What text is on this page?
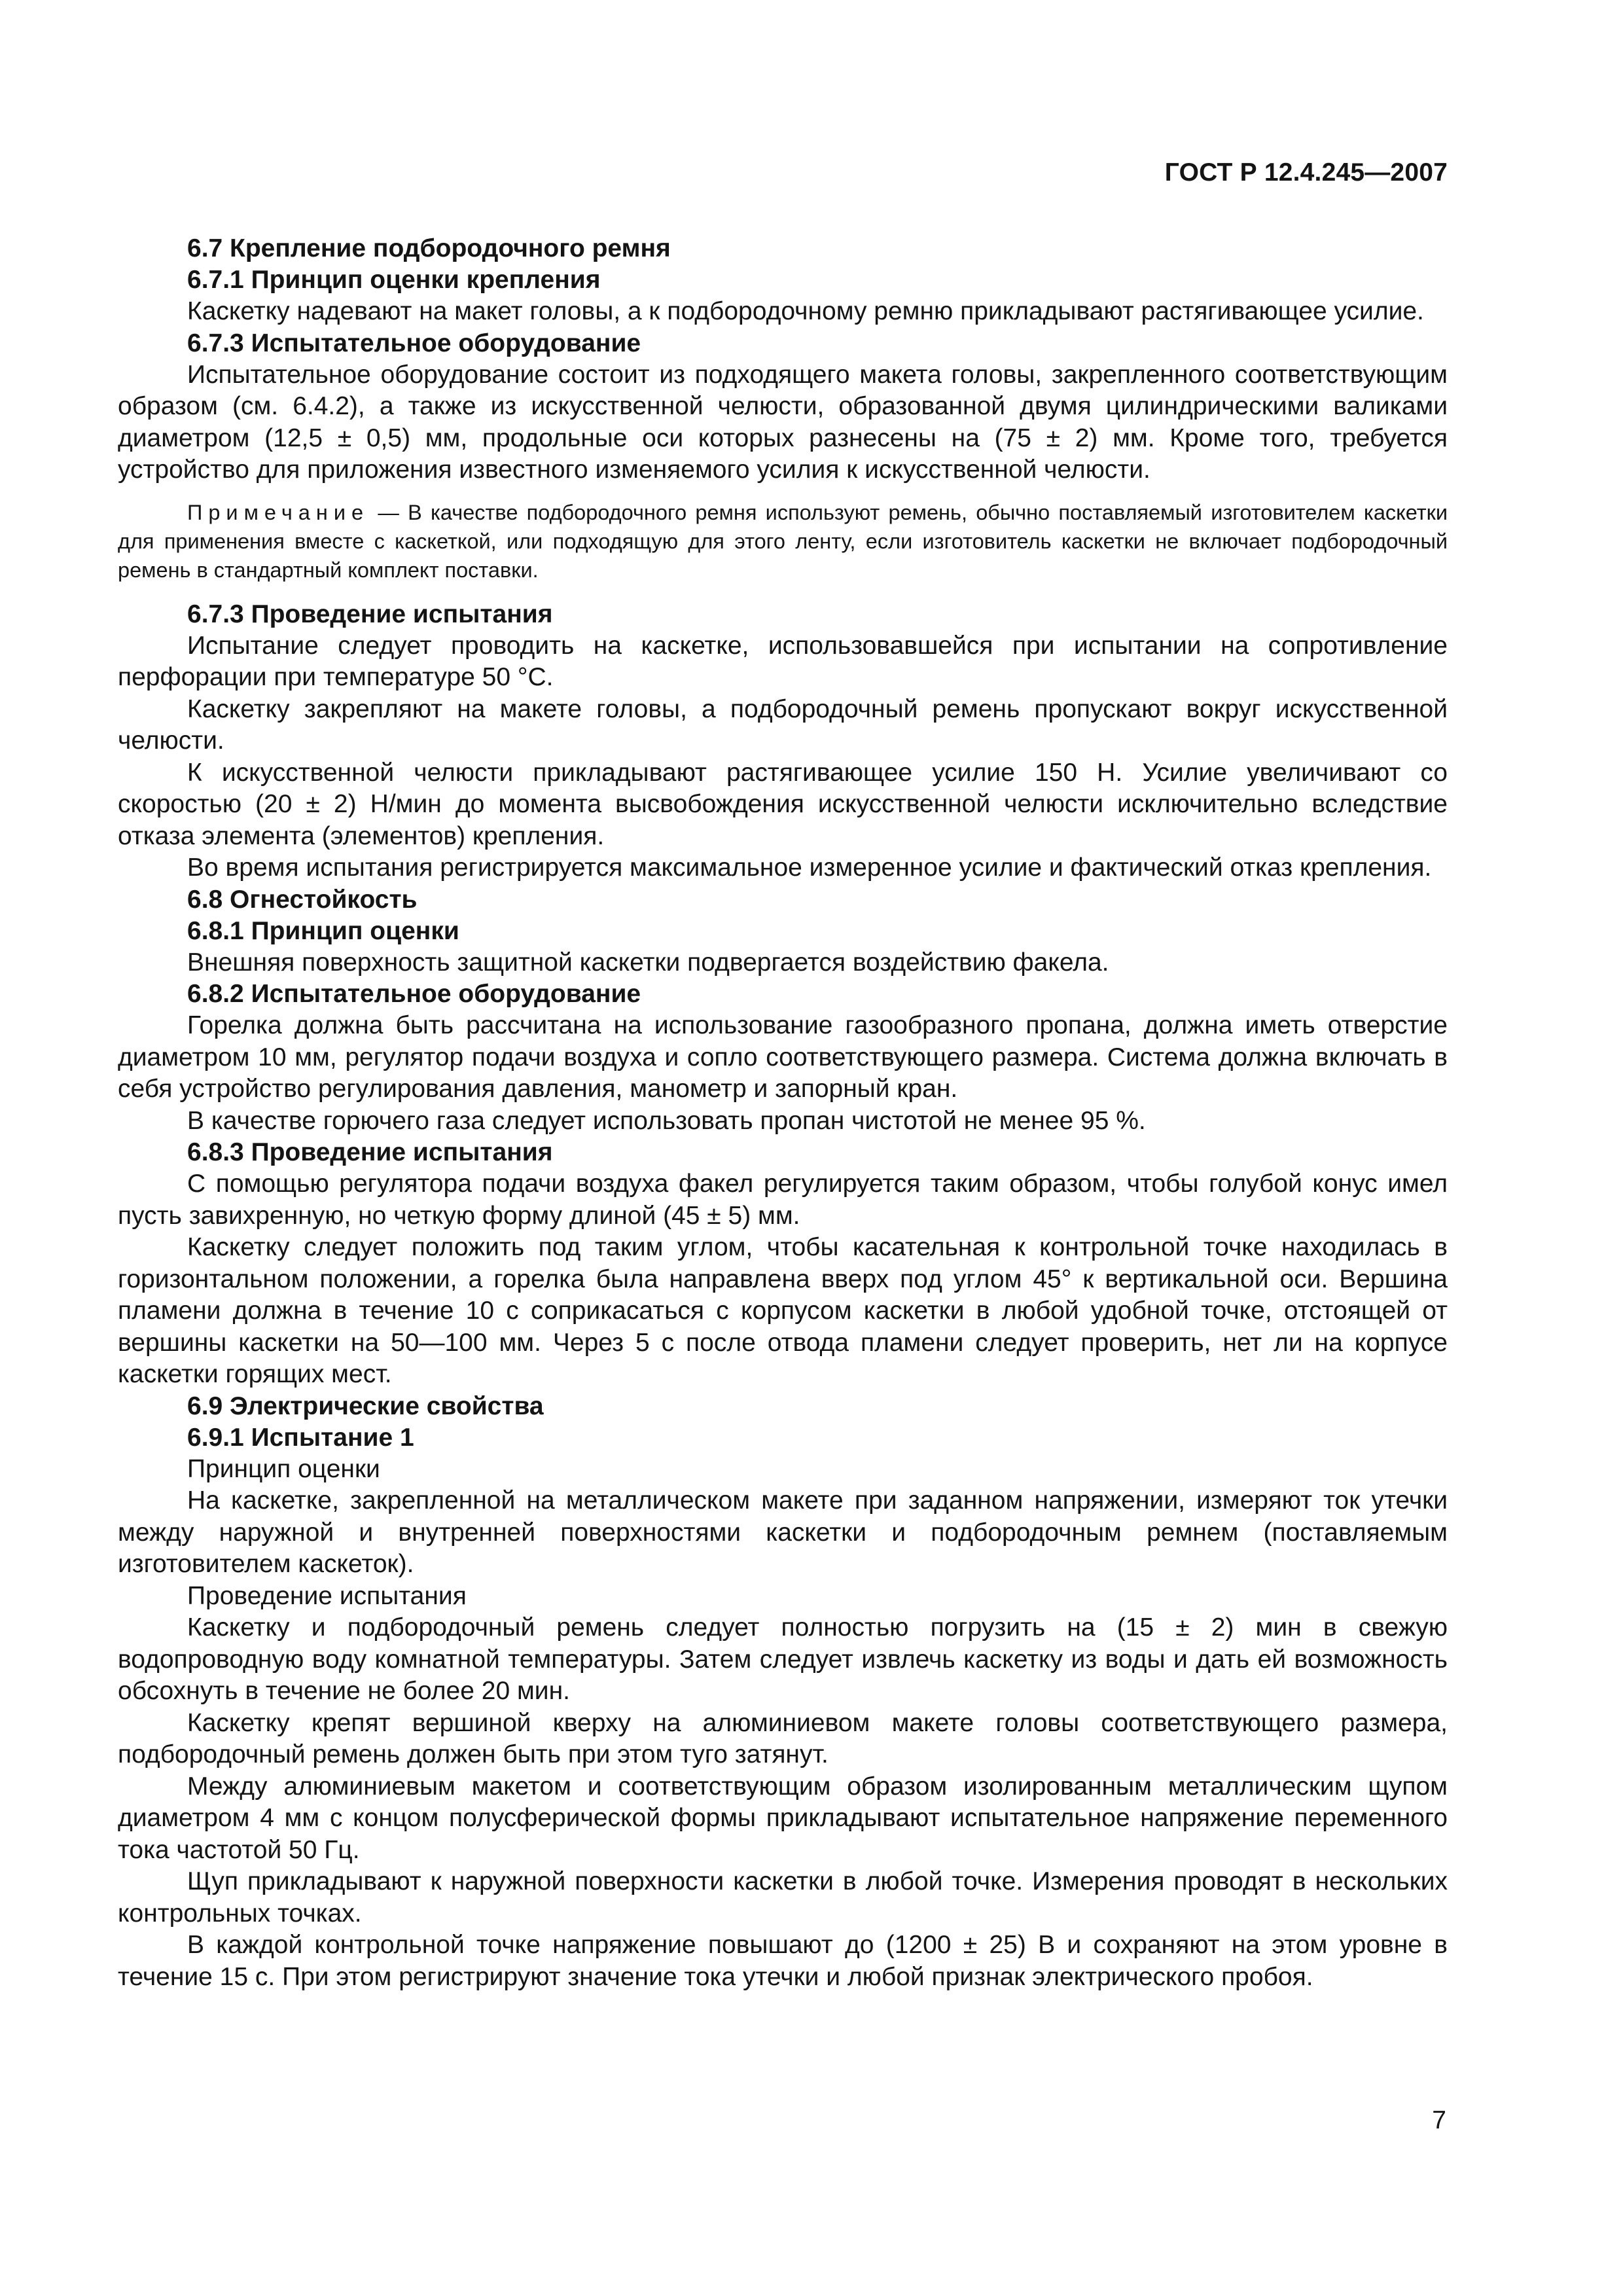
ГОСТ Р 12.4.245—2007

6.7 Крепление подбородочного ремня

6.7.1 Принцип оценки крепления

Каскетку надевают на макет головы, а к подбородочному ремню прикладывают растягивающее усилие.

6.7.3 Испытательное оборудование

Испытательное оборудование состоит из подходящего макета головы, закрепленного соответствующим образом (см. 6.4.2), а также из искусственной челюсти, образованной двумя цилиндрическими валиками диаметром (12,5 ± 0,5) мм, продольные оси которых разнесены на (75 ± 2) мм. Кроме того, требуется устройство для приложения известного изменяемого усилия к искусственной челюсти.

Примечание — В качестве подбородочного ремня используют ремень, обычно поставляемый изготовителем каскетки для применения вместе с каскеткой, или подходящую для этого ленту, если изготовитель каскетки не включает подбородочный ремень в стандартный комплект поставки.

6.7.3 Проведение испытания

Испытание следует проводить на каскетке, использовавшейся при испытании на сопротивление перфорации при температуре 50 °С.

Каскетку закрепляют на макете головы, а подбородочный ремень пропускают вокруг искусственной челюсти.

К искусственной челюсти прикладывают растягивающее усилие 150 Н. Усилие увеличивают со скоростью (20 ± 2) Н/мин до момента высвобождения искусственной челюсти исключительно вследствие отказа элемента (элементов) крепления.

Во время испытания регистрируется максимальное измеренное усилие и фактический отказ крепления.

6.8 Огнестойкость

6.8.1 Принцип оценки

Внешняя поверхность защитной каскетки подвергается воздействию факела.

6.8.2 Испытательное оборудование

Горелка должна быть рассчитана на использование газообразного пропана, должна иметь отверстие диаметром 10 мм, регулятор подачи воздуха и сопло соответствующего размера. Система должна включать в себя устройство регулирования давления, манометр и запорный кран.

В качестве горючего газа следует использовать пропан чистотой не менее 95 %.

6.8.3 Проведение испытания

С помощью регулятора подачи воздуха факел регулируется таким образом, чтобы голубой конус имел пусть завихренную, но четкую форму длиной (45 ± 5) мм.

Каскетку следует положить под таким углом, чтобы касательная к контрольной точке находилась в горизонтальном положении, а горелка была направлена вверх под углом 45° к вертикальной оси. Вершина пламени должна в течение 10 с соприкасаться с корпусом каскетки в любой удобной точке, отстоящей от вершины каскетки на 50—100 мм. Через 5 с после отвода пламени следует проверить, нет ли на корпусе каскетки горящих мест.

6.9 Электрические свойства

6.9.1 Испытание 1

Принцип оценки

На каскетке, закрепленной на металлическом макете при заданном напряжении, измеряют ток утечки между наружной и внутренней поверхностями каскетки и подбородочным ремнем (поставляемым изготовителем каскеток).

Проведение испытания

Каскетку и подбородочный ремень следует полностью погрузить на (15 ± 2) мин в свежую водопроводную воду комнатной температуры. Затем следует извлечь каскетку из воды и дать ей возможность обсохнуть в течение не более 20 мин.

Каскетку крепят вершиной кверху на алюминиевом макете головы соответствующего размера, подбородочный ремень должен быть при этом туго затянут.

Между алюминиевым макетом и соответствующим образом изолированным металлическим щупом диаметром 4 мм с концом полусферической формы прикладывают испытательное напряжение переменного тока частотой 50 Гц.

Щуп прикладывают к наружной поверхности каскетки в любой точке. Измерения проводят в нескольких контрольных точках.

В каждой контрольной точке напряжение повышают до (1200 ± 25) В и сохраняют на этом уровне в течение 15 с. При этом регистрируют значение тока утечки и любой признак электрического пробоя.

7
